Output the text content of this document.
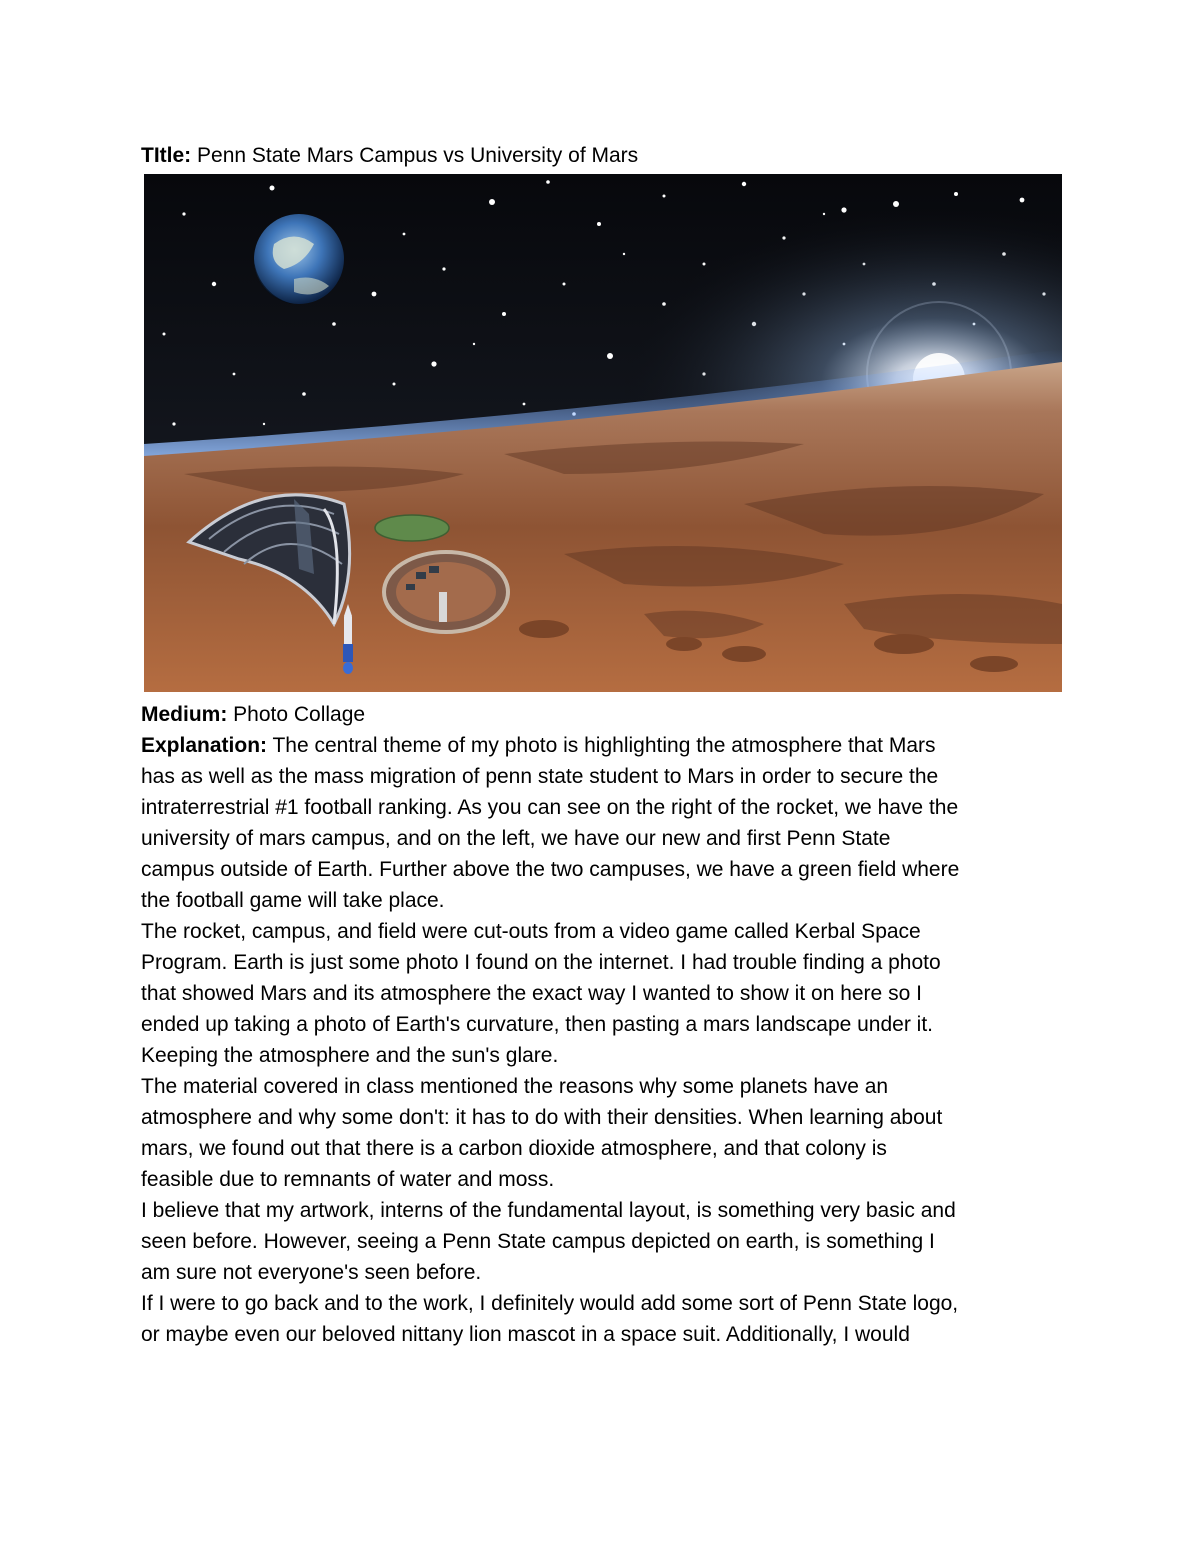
TItle: Penn State Mars Campus vs University of Mars

Medium: Photo Collage

Explanation: The central theme of my photo is highlighting the atmosphere that Mars

has as well as the mass migration of penn state student to Mars in order to secure the
intraterrestrial #1 football ranking. As you can see on the right of the rocket, we have the
university of mars campus, and on the left, we have our new and first Penn State
campus outside of Earth. Further above the two campuses, we have a green field where
the football game will take place.
The rocket, campus, and field were cut-outs from a video game called Kerbal Space
Program. Earth is just some photo I found on the internet. I had trouble finding a photo
that showed Mars and its atmosphere the exact way I wanted to show it on here so I
ended up taking a photo of Earth's curvature, then pasting a mars landscape under it.
Keeping the atmosphere and the sun's glare.
The material covered in class mentioned the reasons why some planets have an
atmosphere and why some don't: it has to do with their densities. When learning about
mars, we found out that there is a carbon dioxide atmosphere, and that colony is
feasible due to remnants of water and moss.
I believe that my artwork, interns of the fundamental layout, is something very basic and
seen before. However, seeing a Penn State campus depicted on earth, is something I
am sure not everyone's seen before.
If I were to go back and to the work, I definitely would add some sort of Penn State logo,
or maybe even our beloved nittany lion mascot in a space suit. Additionally, I would
